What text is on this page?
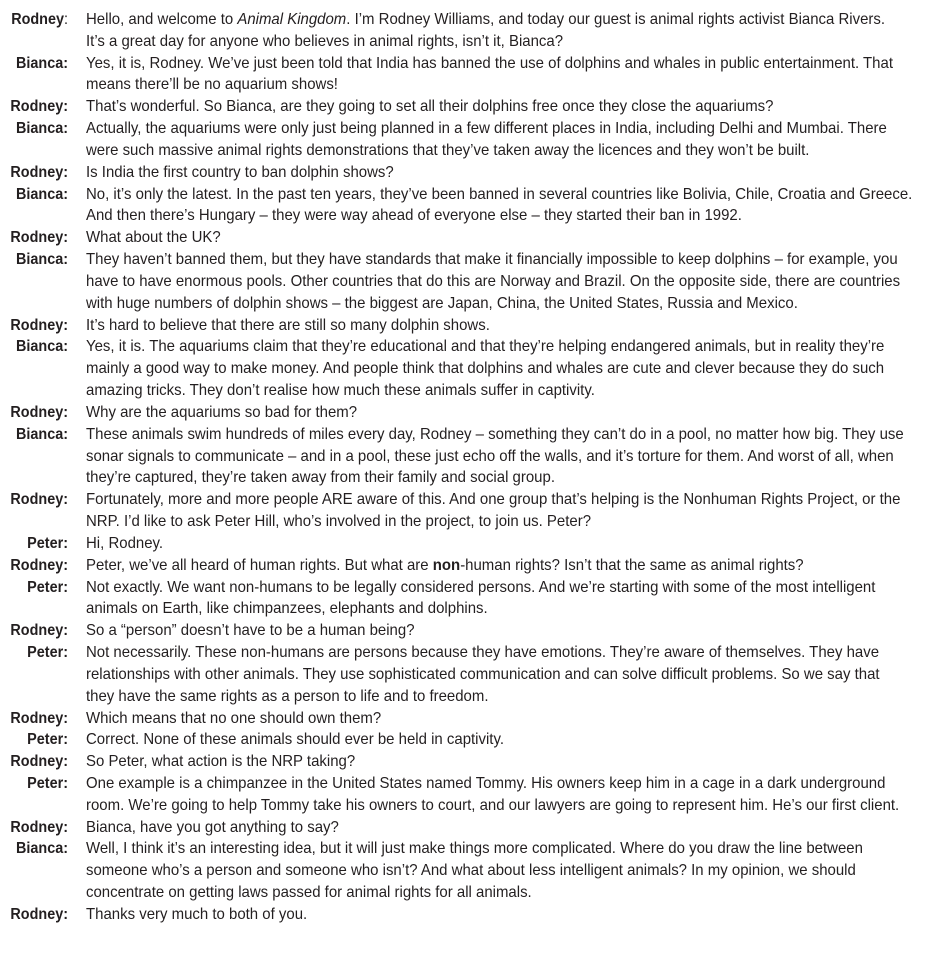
Rodney: Hello, and welcome to Animal Kingdom. I’m Rodney Williams, and today our guest is animal rights activist Bianca Rivers.
It’s a great day for anyone who believes in animal rights, isn’t it, Bianca?
Bianca: Yes, it is, Rodney. We’ve just been told that India has banned the use of dolphins and whales in public entertainment. That
means there’ll be no aquarium shows!
Rodney: That’s wonderful. So Bianca, are they going to set all their dolphins free once they close the aquariums?
Bianca: Actually, the aquariums were only just being planned in a few different places in India, including Delhi and Mumbai. There
were such massive animal rights demonstrations that they’ve taken away the licences and they won’t be built.
Rodney: Is India the first country to ban dolphin shows?
Bianca: No, it’s only the latest. In the past ten years, they’ve been banned in several countries like Bolivia, Chile, Croatia and Greece.
And then there’s Hungary – they were way ahead of everyone else – they started their ban in 1992.
Rodney: What about the UK?
Bianca: They haven’t banned them, but they have standards that make it financially impossible to keep dolphins – for example, you
have to have enormous pools. Other countries that do this are Norway and Brazil. On the opposite side, there are countries
with huge numbers of dolphin shows – the biggest are Japan, China, the United States, Russia and Mexico.
Rodney: It’s hard to believe that there are still so many dolphin shows.
Bianca: Yes, it is. The aquariums claim that they’re educational and that they’re helping endangered animals, but in reality they’re
mainly a good way to make money. And people think that dolphins and whales are cute and clever because they do such
amazing tricks. They don’t realise how much these animals suffer in captivity.
Rodney: Why are the aquariums so bad for them?
Bianca: These animals swim hundreds of miles every day, Rodney – something they can’t do in a pool, no matter how big. They use
sonar signals to communicate – and in a pool, these just echo off the walls, and it’s torture for them. And worst of all, when
they’re captured, they’re taken away from their family and social group.
Rodney: Fortunately, more and more people ARE aware of this. And one group that’s helping is the Nonhuman Rights Project, or the
NRP. I’d like to ask Peter Hill, who’s involved in the project, to join us. Peter?
Peter: Hi, Rodney.
Rodney: Peter, we’ve all heard of human rights. But what are non-human rights? Isn’t that the same as animal rights?
Peter: Not exactly. We want non-humans to be legally considered persons. And we’re starting with some of the most intelligent
animals on Earth, like chimpanzees, elephants and dolphins.
Rodney: So a “person” doesn’t have to be a human being?
Peter: Not necessarily. These non-humans are persons because they have emotions. They’re aware of themselves. They have
relationships with other animals. They use sophisticated communication and can solve difficult problems. So we say that
they have the same rights as a person to life and to freedom.
Rodney: Which means that no one should own them?
Peter: Correct. None of these animals should ever be held in captivity.
Rodney: So Peter, what action is the NRP taking?
Peter: One example is a chimpanzee in the United States named Tommy. His owners keep him in a cage in a dark underground
room. We’re going to help Tommy take his owners to court, and our lawyers are going to represent him. He’s our first client.
Rodney: Bianca, have you got anything to say?
Bianca: Well, I think it’s an interesting idea, but it will just make things more complicated. Where do you draw the line between
someone who’s a person and someone who isn’t? And what about less intelligent animals? In my opinion, we should
concentrate on getting laws passed for animal rights for all animals.
Rodney: Thanks very much to both of you.
